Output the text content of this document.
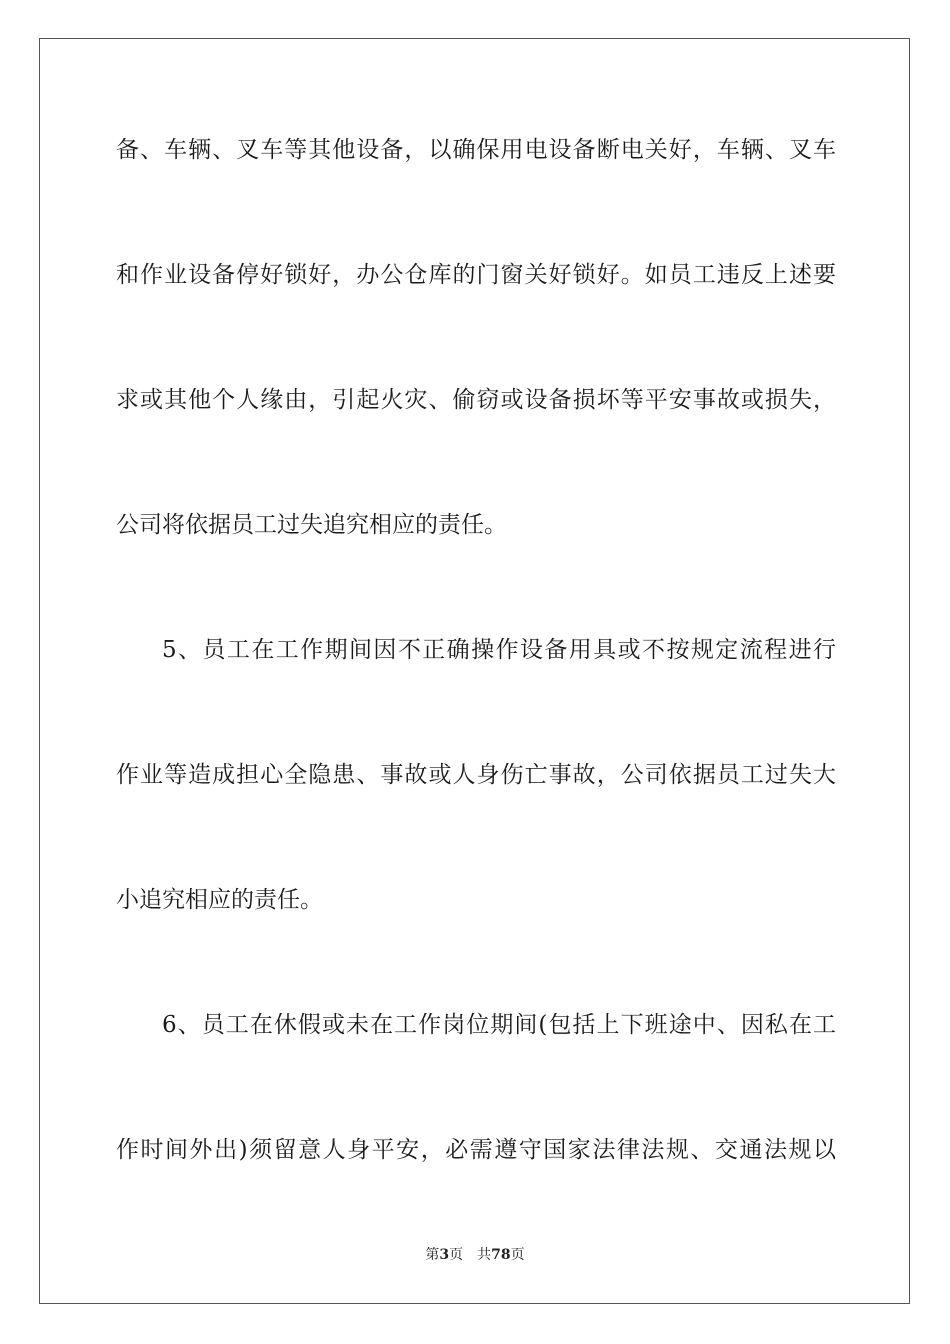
备、车辆、叉车等其他设备，以确保用电设备断电关好，车辆、叉车
和作业设备停好锁好，办公仓库的门窗关好锁好。如员工违反上述要
求或其他个人缘由，引起火灾、偷窃或设备损坏等平安事故或损失，
公司将依据员工过失追究相应的责任。
5、员工在工作期间因不正确操作设备用具或不按规定流程进行
作业等造成担心全隐患、事故或人身伤亡事故，公司依据员工过失大
小追究相应的责任。
6、员工在休假或未在工作岗位期间(包括上下班途中、因私在工
作时间外出)须留意人身平安，必需遵守国家法律法规、交通法规以
第3页 共78页
